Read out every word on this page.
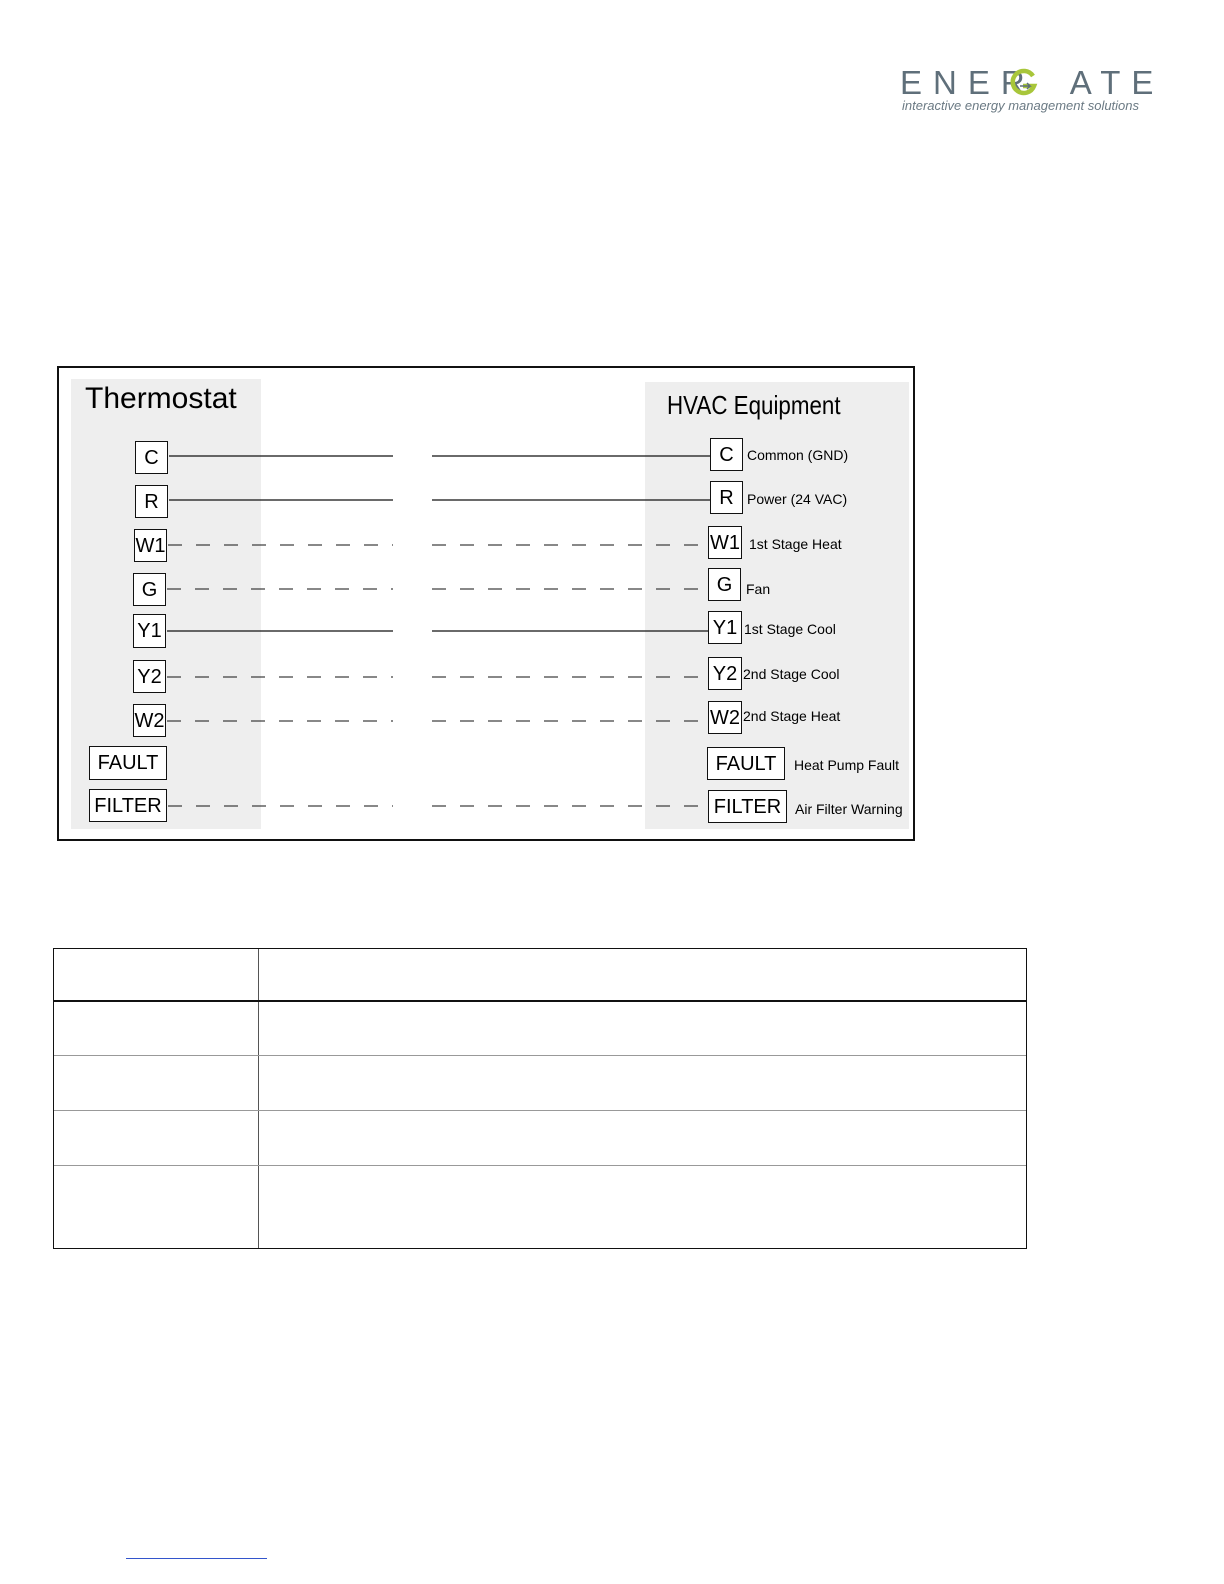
ENER ATE
interactive energy management solutions
Thermostat	HVAC Equipment
C
R
W1
G
Y1
Y2
W2
FAULT
FILTER
C
R
W1
G
Y1
Y2
W2
FAULT
FILTER
Common (GND)
Power (24 VAC)
1st Stage Heat
Fan
1st Stage Cool
2nd Stage Cool
2nd Stage Heat
Heat Pump Fault
Air Filter Warning
